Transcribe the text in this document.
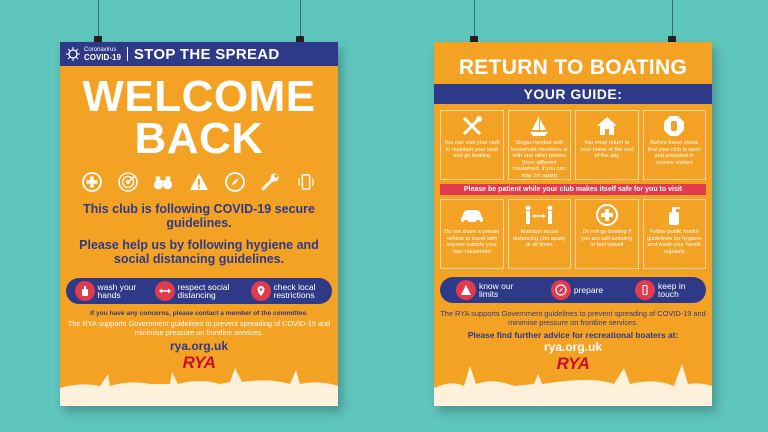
Coronavirus
COVID-19 STOP THE SPREAD
WELCOME
BACK
This club is following COVID-19 secure guidelines.
Please help us by following hygiene and social distancing guidelines.
wash your hands
respect social distancing
check local restrictions
If you have any concerns, please contact a member of the committee.
The RYA supports Government guidelines to prevent spreading of COVID-19 and minimise pressure on frontline services.
rya.org.uk
RYA
RETURN TO BOATING
YOUR GUIDE:
You can visit your club to maintain your boat and go boating
Single-handed with household members or with one other person (from different household, if you can stay 2m apart)
You must return to your home at the end of the day
Before travel check that your club is open and prepared to receive visitors
Please be patient while your club makes itself safe for you to visit
Do not share a private vehicle to travel with anyone outside your own household
Maintain social distancing (2m apart) at all times
Do not go boating if you are self-isolating or feel unwell
Follow public health guidelines for hygiene and wash your hands regularly
know our limits	prepare	keep in touch
The RYA supports Government guidelines to prevent spreading of COVID-19 and minimise pressure on frontline services.
Please find further advice for recreational boaters at:
rya.org.uk
RYA
